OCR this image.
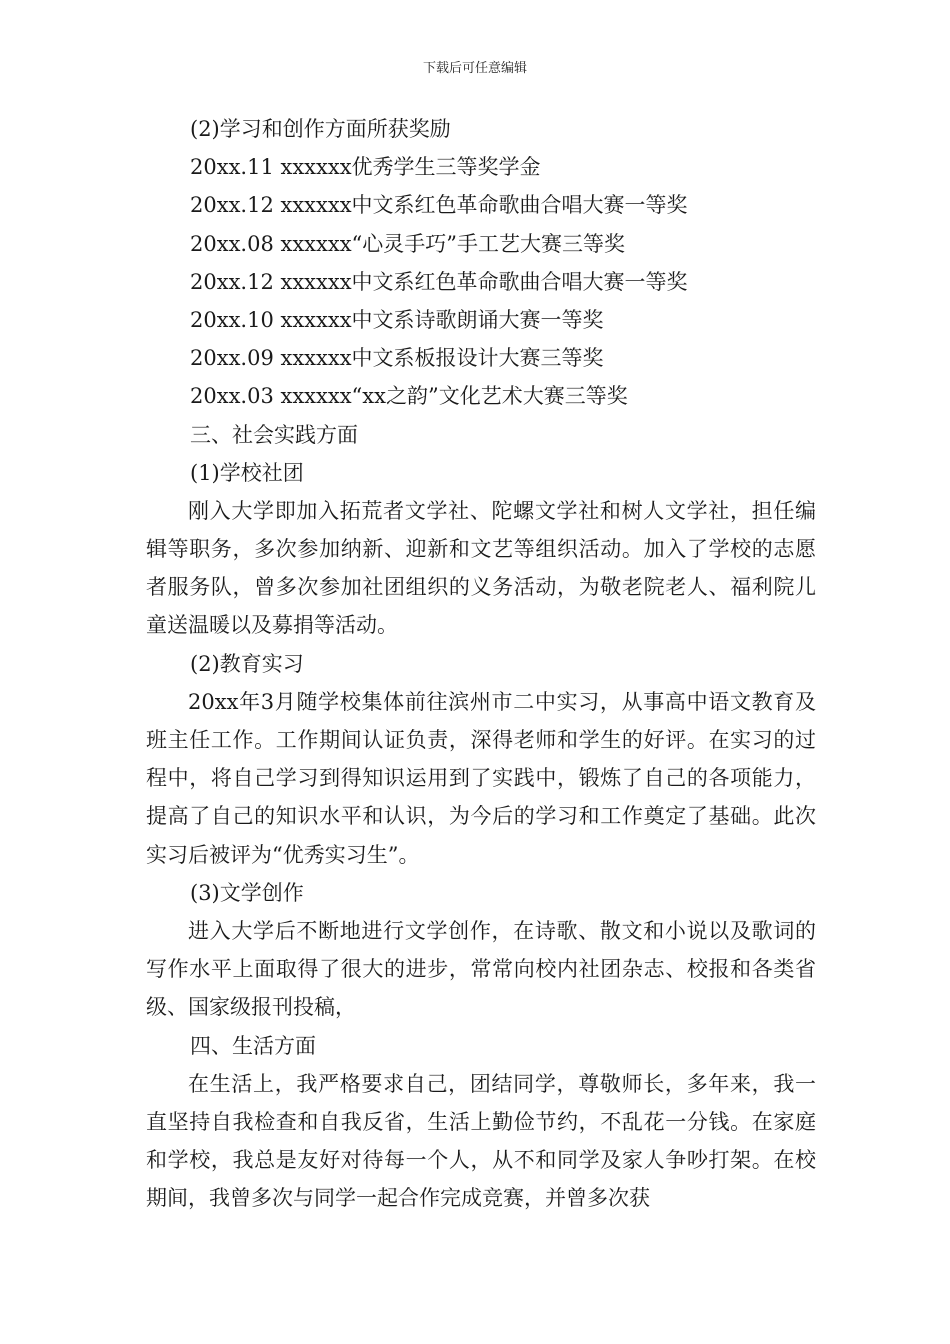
下载后可任意编辑
(2)学习和创作方面所获奖励
20xx.11 xxxxxx优秀学生三等奖学金
20xx.12 xxxxxx中文系红色革命歌曲合唱大赛一等奖
20xx.08 xxxxxx“心灵手巧”手工艺大赛三等奖
20xx.12 xxxxxx中文系红色革命歌曲合唱大赛一等奖
20xx.10 xxxxxx中文系诗歌朗诵大赛一等奖
20xx.09 xxxxxx中文系板报设计大赛三等奖
20xx.03 xxxxxx“xx之韵”文化艺术大赛三等奖
三、社会实践方面
(1)学校社团

刚入大学即加入拓荒者文学社、陀螺文学社和树人文学社，担任编辑等职务，多次参加纳新、迎新和文艺等组织活动。加入了学校的志愿者服务队，曾多次参加社团组织的义务活动，为敬老院老人、福利院儿童送温暖以及募捐等活动。

(2)教育实习

20xx年3月随学校集体前往滨州市二中实习，从事高中语文教育及班主任工作。工作期间认证负责，深得老师和学生的好评。在实习的过程中，将自己学习到得知识运用到了实践中，锻炼了自己的各项能力，提高了自己的知识水平和认识，为今后的学习和工作奠定了基础。此次实习后被评为“优秀实习生”。

(3)文学创作

进入大学后不断地进行文学创作，在诗歌、散文和小说以及歌词的写作水平上面取得了很大的进步，常常向校内社团杂志、校报和各类省级、国家级报刊投稿，

四、生活方面

在生活上，我严格要求自己，团结同学，尊敬师长，多年来，我一直坚持自我检查和自我反省，生活上勤俭节约，不乱花一分钱。在家庭和学校，我总是友好对待每一个人，从不和同学及家人争吵打架。在校期间，我曾多次与同学一起合作完成竞赛，并曾多次获
